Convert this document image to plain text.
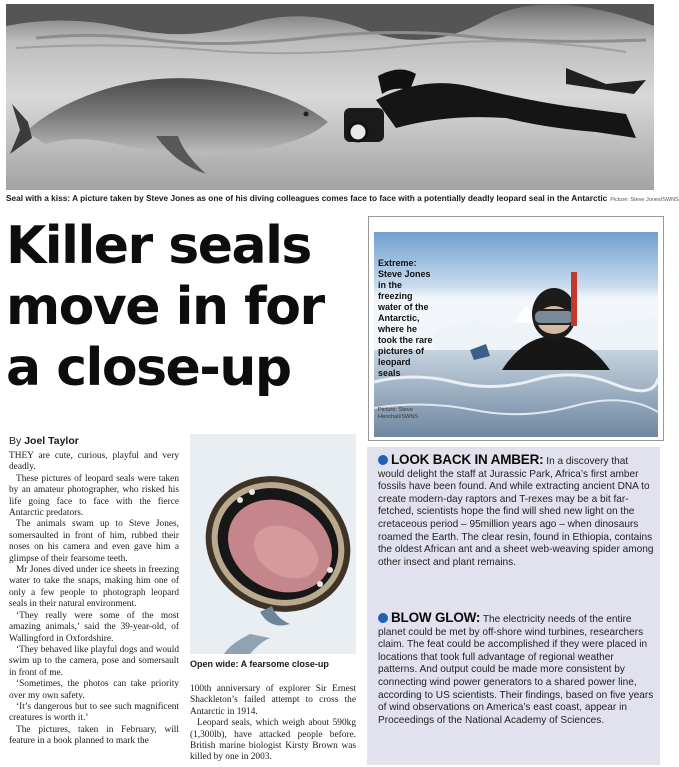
Seal with a kiss: A picture taken by Steve Jones as one of his diving colleagues comes face to face with a potentially deadly leopard seal in the Antarctic Picture: Steve Jones/SWNS
Killer seals
move in for
a close-up
By Joel Taylor

THEY are cute, curious, playful and very deadly.

These pictures of leopard seals were taken by an amateur photographer, who risked his life going face to face with the fierce Antarctic predators.

The animals swam up to Steve Jones, somersaulted in front of him, rubbed their noses on his camera and even gave him a glimpse of their fearsome teeth.

Mr Jones dived under ice sheets in freezing water to take the snaps, making him one of only a few people to photograph leopard seals in their natural environment.

‘They really were some of the most amazing animals,’ said the 39-year-old, of Wallingford in Oxfordshire.

‘They behaved like playful dogs and would swim up to the camera, pose and somersault in front of me.

‘Sometimes, the photos can take priority over my own safety.

‘It’s dangerous but to see such magnificent creatures is worth it.’

The pictures, taken in February, will feature in a book planned to mark the

Open wide: A fearsome close-up

100th anniversary of explorer Sir Ernest Shackleton’s failed attempt to cross the Antarctic in 1914.

Leopard seals, which weigh about 590kg (1,300lb), have attacked people before. British marine biologist Kirsty Brown was killed by one in 2003.

Extreme: Steve Jones in the freezing water of the Antarctic, where he took the rare pictures of leopard seals
Picture: Steve Henchall/SWNS
LOOK BACK IN AMBER: In a discovery that would delight the staff at Jurassic Park, Africa’s first amber fossils have been found. And while extracting ancient DNA to create modern-day raptors and T-rexes may be a bit far-fetched, scientists hope the find will shed new light on the cretaceous period – 95million years ago – when dinosaurs roamed the Earth. The clear resin, found in Ethiopia, contains the oldest African ant and a sheet web-weaving spider among other insect and plant remains.
BLOW GLOW: The electricity needs of the entire planet could be met by off-shore wind turbines, researchers claim. The feat could be accomplished if they were placed in locations that took full advantage of regional weather patterns. And output could be made more consistent by connecting wind power generators to a shared power line, according to US scientists. Their findings, based on five years of wind observations on America’s east coast, appear in Proceedings of the National Academy of Sciences.
